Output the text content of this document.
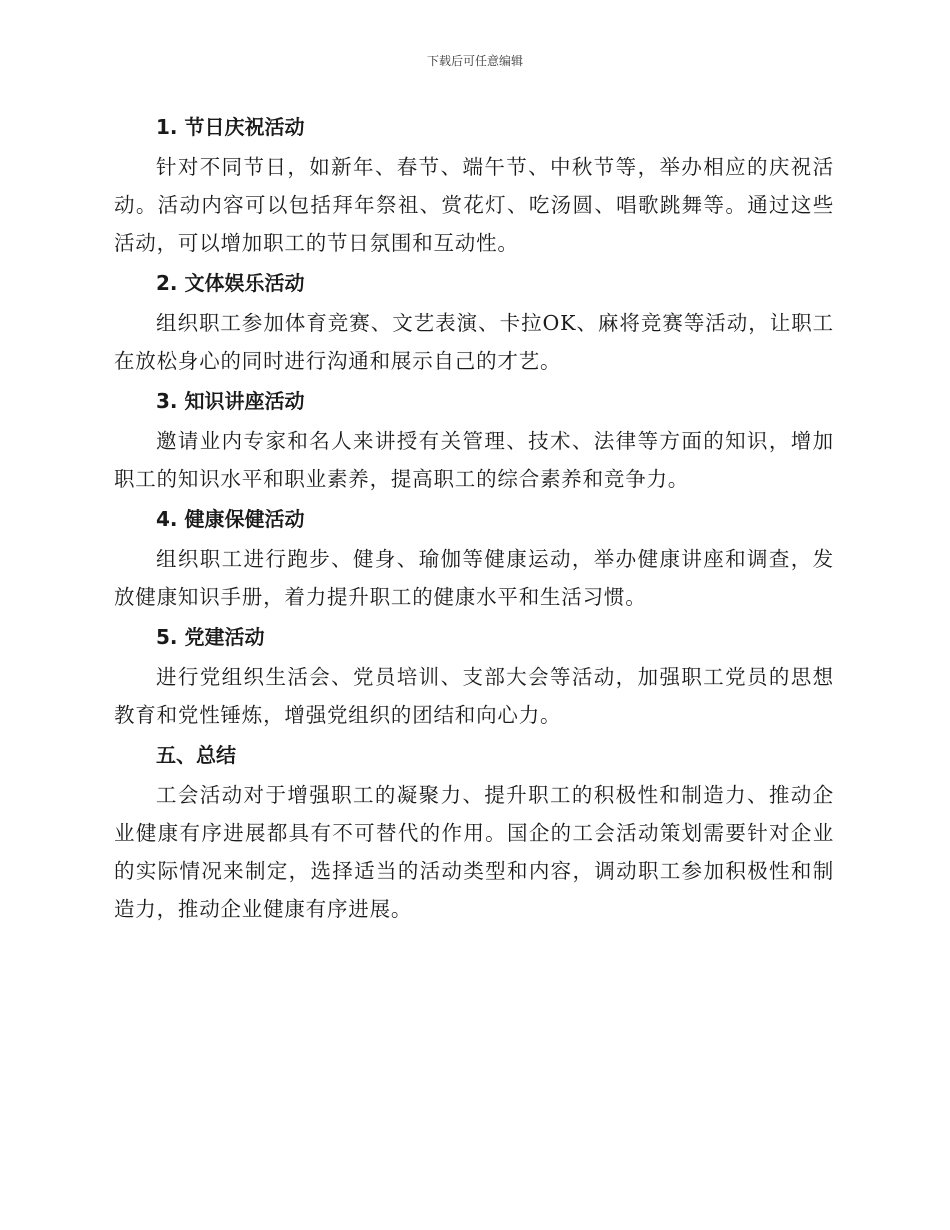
下载后可任意编辑
1. 节日庆祝活动

针对不同节日，如新年、春节、端午节、中秋节等，举办相应的庆祝活动。活动内容可以包括拜年祭祖、赏花灯、吃汤圆、唱歌跳舞等。通过这些活动，可以增加职工的节日氛围和互动性。

2. 文体娱乐活动

组织职工参加体育竞赛、文艺表演、卡拉OK、麻将竞赛等活动，让职工在放松身心的同时进行沟通和展示自己的才艺。

3. 知识讲座活动

邀请业内专家和名人来讲授有关管理、技术、法律等方面的知识，增加职工的知识水平和职业素养，提高职工的综合素养和竞争力。

4. 健康保健活动

组织职工进行跑步、健身、瑜伽等健康运动，举办健康讲座和调查，发放健康知识手册，着力提升职工的健康水平和生活习惯。

5. 党建活动

进行党组织生活会、党员培训、支部大会等活动，加强职工党员的思想教育和党性锤炼，增强党组织的团结和向心力。

五、总结

工会活动对于增强职工的凝聚力、提升职工的积极性和制造力、推动企业健康有序进展都具有不可替代的作用。国企的工会活动策划需要针对企业的实际情况来制定，选择适当的活动类型和内容，调动职工参加积极性和制造力，推动企业健康有序进展。
